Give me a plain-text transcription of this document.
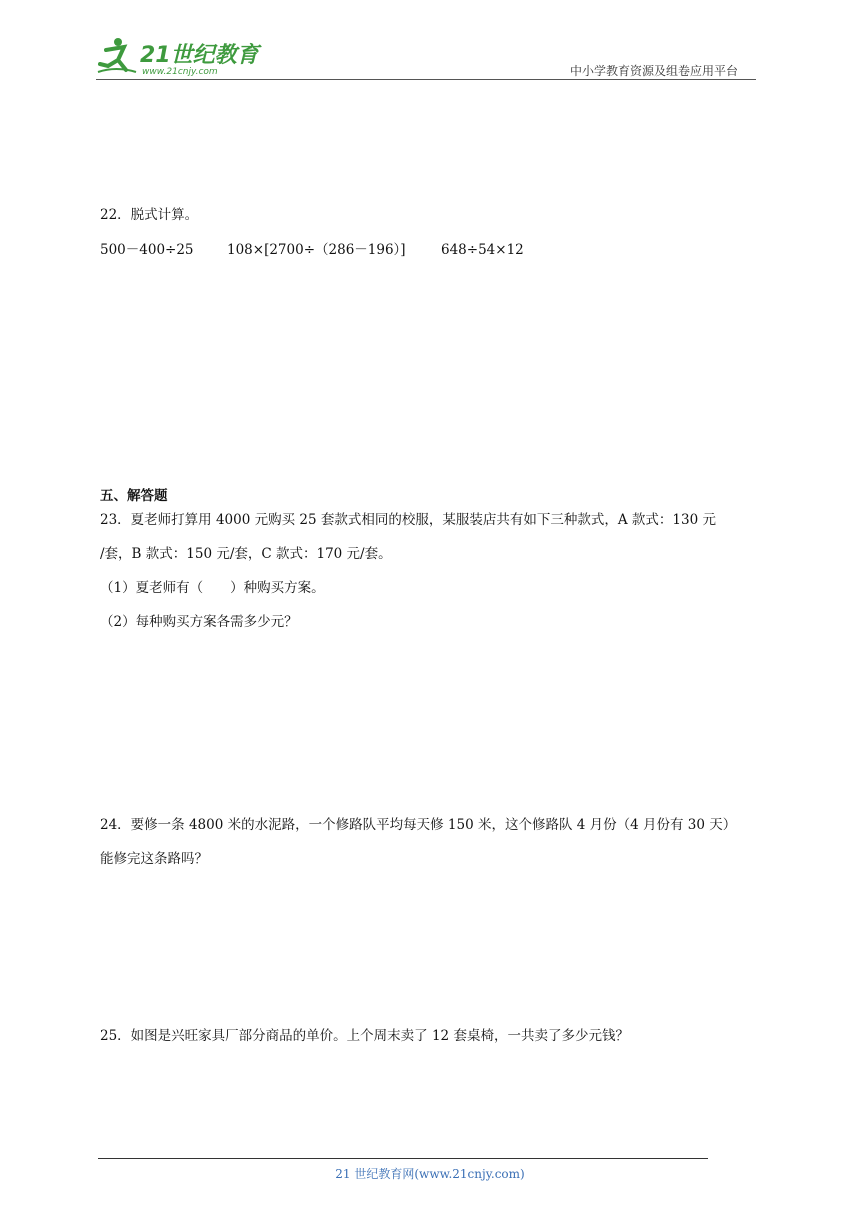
21世纪教育
www.21cnjy.com	中小学教育资源及组卷应用平台
22．脱式计算。
500－400÷25 108×[2700÷（286－196）]	648÷54×12
五、解答题
23．夏老师打算用 4000 元购买 25 套款式相同的校服，某服装店共有如下三种款式，A 款式：130 元
/套，B 款式：150 元/套，C 款式：170 元/套。
（1）夏老师有（　　）种购买方案。
（2）每种购买方案各需多少元？
24．要修一条 4800 米的水泥路，一个修路队平均每天修 150 米，这个修路队 4 月份（4 月份有 30 天）
能修完这条路吗？
25．如图是兴旺家具厂部分商品的单价。上个周末卖了 12 套桌椅，一共卖了多少元钱？
21 世纪教育网(www.21cnjy.com)
